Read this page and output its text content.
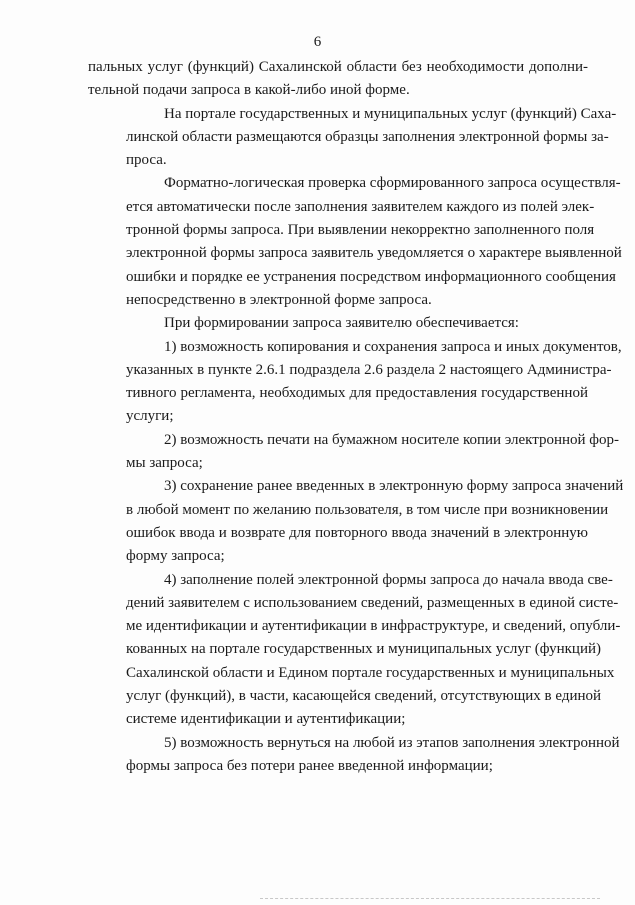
6
пальных услуг (функций) Сахалинской области без необходимости дополни-
тельной подачи запроса в какой-либо иной форме.
На портале государственных и муниципальных услуг (функций) Саха-
линской области размещаются образцы заполнения электронной формы за-
проса.
Форматно-логическая проверка сформированного запроса осуществля-
ется автоматически после заполнения заявителем каждого из полей элек-
тронной формы запроса. При выявлении некорректно заполненного поля
электронной формы запроса заявитель уведомляется о характере выявленной
ошибки и порядке ее устранения посредством информационного сообщения
непосредственно в электронной форме запроса.
При формировании запроса заявителю обеспечивается:
1) возможность копирования и сохранения запроса и иных документов,
указанных в пункте 2.6.1 подраздела 2.6 раздела 2 настоящего Администра-
тивного регламента, необходимых для предоставления государственной
услуги;
2) возможность печати на бумажном носителе копии электронной фор-
мы запроса;
3) сохранение ранее введенных в электронную форму запроса значений
в любой момент по желанию пользователя, в том числе при возникновении
ошибок ввода и возврате для повторного ввода значений в электронную
форму запроса;
4) заполнение полей электронной формы запроса до начала ввода све-
дений заявителем с использованием сведений, размещенных в единой систе-
ме идентификации и аутентификации в инфраструктуре, и сведений, опубли-
кованных на портале государственных и муниципальных услуг (функций)
Сахалинской области и Едином портале государственных и муниципальных
услуг (функций), в части, касающейся сведений, отсутствующих в единой
системе идентификации и аутентификации;
5) возможность вернуться на любой из этапов заполнения электронной
формы запроса без потери ранее введенной информации;
